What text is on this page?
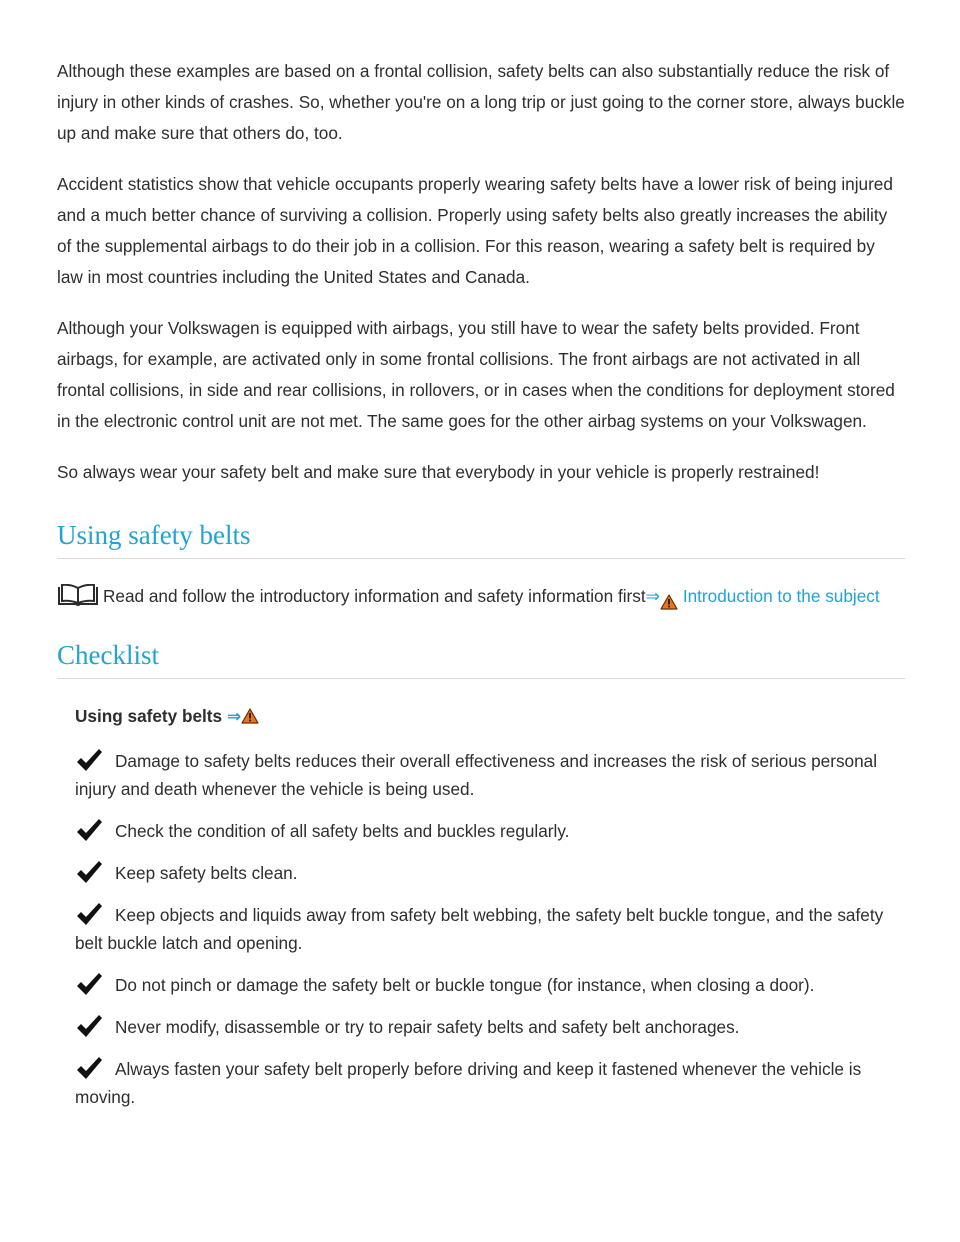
Although these examples are based on a frontal collision, safety belts can also substantially reduce the risk of injury in other kinds of crashes. So, whether you're on a long trip or just going to the corner store, always buckle up and make sure that others do, too.

Accident statistics show that vehicle occupants properly wearing safety belts have a lower risk of being injured and a much better chance of surviving a collision. Properly using safety belts also greatly increases the ability of the supplemental airbags to do their job in a collision. For this reason, wearing a safety belt is required by law in most countries including the United States and Canada.

Although your Volkswagen is equipped with airbags, you still have to wear the safety belts provided. Front airbags, for example, are activated only in some frontal collisions. The front airbags are not activated in all frontal collisions, in side and rear collisions, in rollovers, or in cases when the conditions for deployment stored in the electronic control unit are not met. The same goes for the other airbag systems on your Volkswagen.

So always wear your safety belt and make sure that everybody in your vehicle is properly restrained!

Using safety belts
Read and follow the introductory information and safety information first⇒ Introduction to the subject
Checklist
Using safety belts ⇒

Damage to safety belts reduces their overall effectiveness and increases the risk of serious personal injury and death whenever the vehicle is being used.

Check the condition of all safety belts and buckles regularly.

Keep safety belts clean.

Keep objects and liquids away from safety belt webbing, the safety belt buckle tongue, and the safety belt buckle latch and opening.

Do not pinch or damage the safety belt or buckle tongue (for instance, when closing a door).

Never modify, disassemble or try to repair safety belts and safety belt anchorages.

Always fasten your safety belt properly before driving and keep it fastened whenever the vehicle is moving.
